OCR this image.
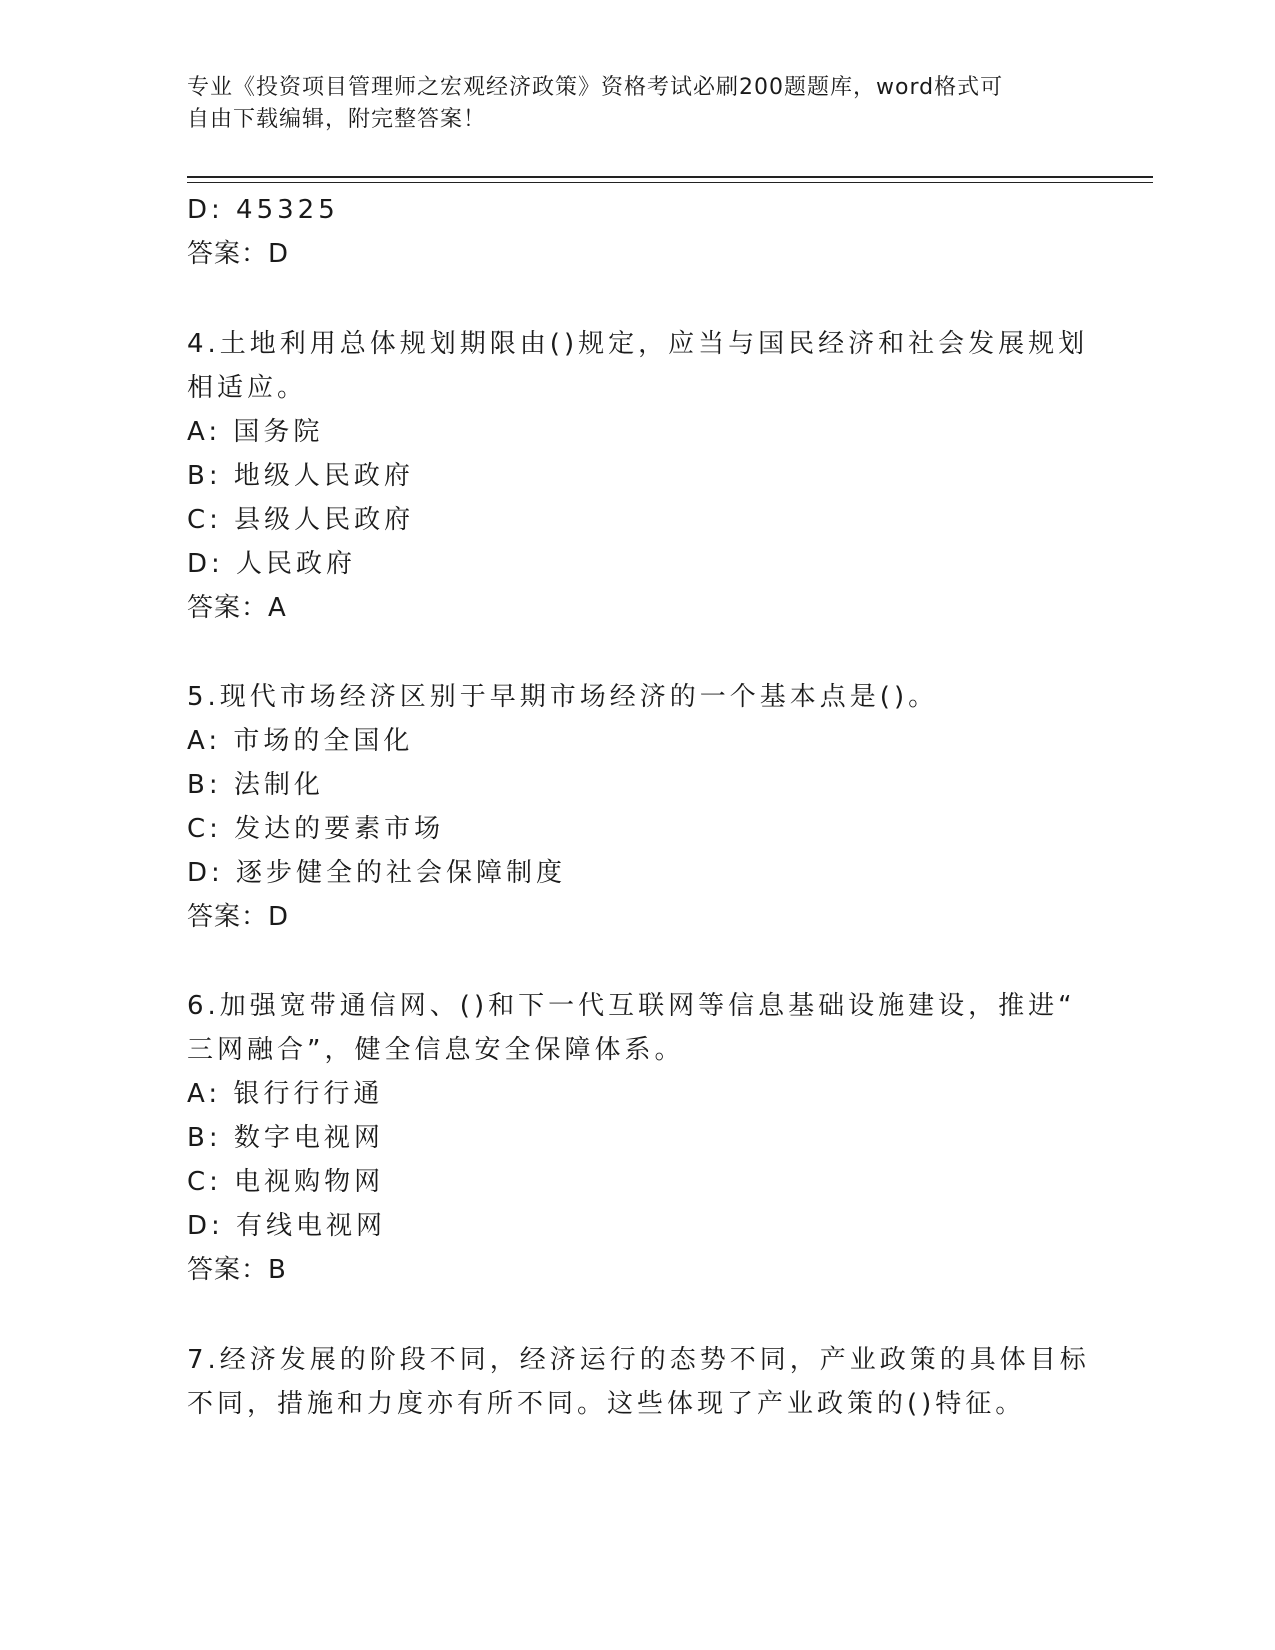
专业《投资项目管理师之宏观经济政策》资格考试必刷200题题库，word格式可
自由下载编辑，附完整答案！
D: 45325
答案：D
4.土地利用总体规划期限由()规定，应当与国民经济和社会发展规划
相适应。
A: 国务院
B: 地级人民政府
C: 县级人民政府
D: 人民政府
答案：A
5.现代市场经济区别于早期市场经济的一个基本点是()。
A: 市场的全国化
B: 法制化
C: 发达的要素市场
D: 逐步健全的社会保障制度
答案：D
6.加强宽带通信网、()和下一代互联网等信息基础设施建设，推进“
三网融合”，健全信息安全保障体系。
A: 银行行行通
B: 数字电视网
C: 电视购物网
D: 有线电视网
答案：B
7.经济发展的阶段不同，经济运行的态势不同，产业政策的具体目标
不同，措施和力度亦有所不同。这些体现了产业政策的()特征。
